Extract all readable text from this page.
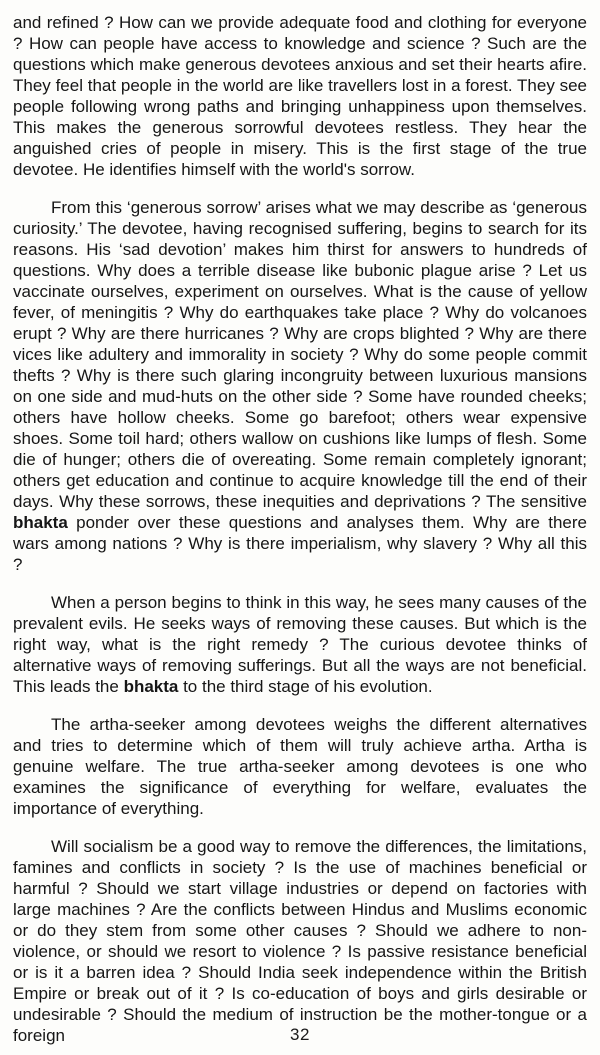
and refined ? How can we provide adequate food and clothing for everyone ? How can people have access to knowledge and science ? Such are the questions which make generous devotees anxious and set their hearts afire. They feel that people in the world are like travellers lost in a forest. They see people following wrong paths and bringing unhappiness upon themselves. This makes the generous sorrowful devotees restless. They hear the anguished cries of people in misery. This is the first stage of the true devotee. He identifies himself with the world's sorrow.

From this ‘generous sorrow’ arises what we may describe as ‘generous curiosity.’ The devotee, having recognised suffering, begins to search for its reasons. His ‘sad devotion’ makes him thirst for answers to hundreds of questions. Why does a terrible disease like bubonic plague arise ? Let us vaccinate ourselves, experiment on ourselves. What is the cause of yellow fever, of meningitis ? Why do earthquakes take place ? Why do volcanoes erupt ? Why are there hurricanes ? Why are crops blighted ? Why are there vices like adultery and immorality in society ? Why do some people commit thefts ? Why is there such glaring incongruity between luxurious mansions on one side and mud-huts on the other side ? Some have rounded cheeks; others have hollow cheeks. Some go barefoot; others wear expensive shoes. Some toil hard; others wallow on cushions like lumps of flesh. Some die of hunger; others die of overeating. Some remain completely ignorant; others get education and continue to acquire knowledge till the end of their days. Why these sorrows, these inequities and deprivations ? The sensitive bhakta ponder over these questions and analyses them. Why are there wars among nations ? Why is there imperialism, why slavery ? Why all this ?

When a person begins to think in this way, he sees many causes of the prevalent evils. He seeks ways of removing these causes. But which is the right way, what is the right remedy ? The curious devotee thinks of alternative ways of removing sufferings. But all the ways are not beneficial. This leads the bhakta to the third stage of his evolution.

The artha-seeker among devotees weighs the different alternatives and tries to determine which of them will truly achieve artha. Artha is genuine welfare. The true artha-seeker among devotees is one who examines the significance of everything for welfare, evaluates the importance of everything.

Will socialism be a good way to remove the differences, the limitations, famines and conflicts in society ? Is the use of machines beneficial or harmful ? Should we start village industries or depend on factories with large machines ? Are the conflicts between Hindus and Muslims economic or do they stem from some other causes ? Should we adhere to non-violence, or should we resort to violence ? Is passive resistance beneficial or is it a barren idea ? Should India seek independence within the British Empire or break out of it ? Is co-education of boys and girls desirable or undesirable ? Should the medium of instruction be the mother-tongue or a foreign	32
